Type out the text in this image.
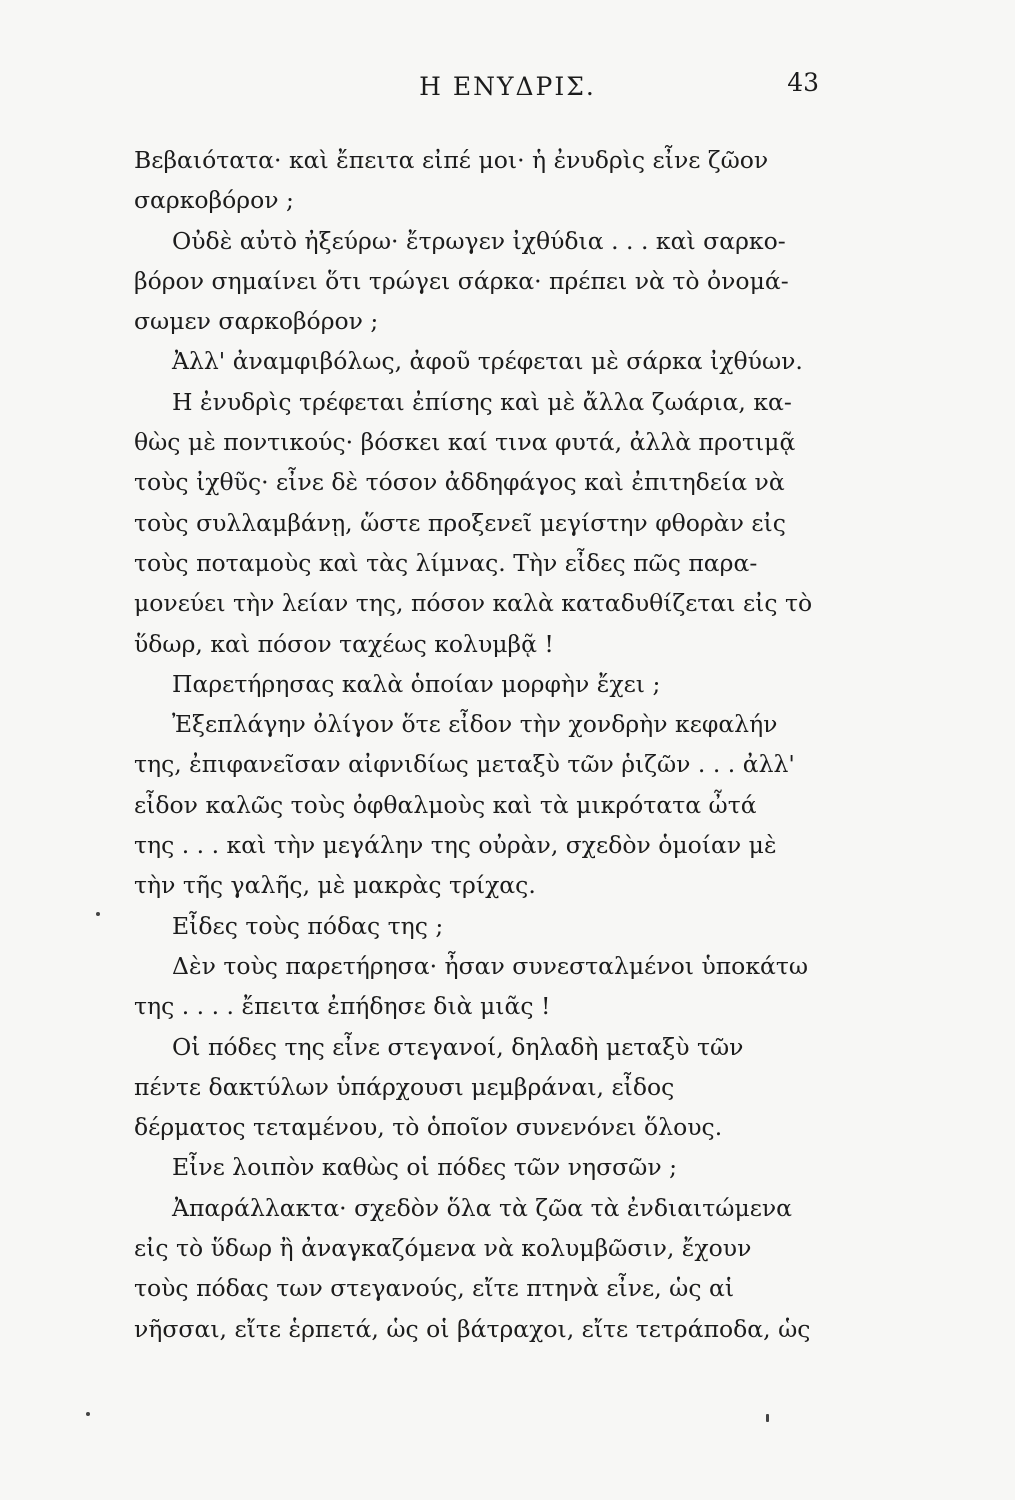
Η ΕΝΥΔΡΙΣ.	43
Βεβαιότατα· καὶ ἔπειτα εἰπέ μοι· ἡ ἐνυδρὶς εἶνε ζῶον
σαρκοβόρον ;
Οὐδὲ αὐτὸ ἠξεύρω· ἔτρωγεν ἰχθύδια . . . καὶ σαρκο-
βόρον σημαίνει ὅτι τρώγει σάρκα· πρέπει νὰ τὸ ὀνομά-
σωμεν σαρκοβόρον ;
Ἀλλ' ἀναμφιβόλως, ἀφοῦ τρέφεται μὲ σάρκα ἰχθύων.
Η ἐνυδρὶς τρέφεται ἐπίσης καὶ μὲ ἄλλα ζωάρια, κα-
θὼς μὲ ποντικούς· βόσκει καί τινα φυτά, ἀλλὰ προτιμᾷ
τοὺς ἰχθῦς· εἶνε δὲ τόσον ἀδδηφάγος καὶ ἐπιτηδεία νὰ
τοὺς συλλαμβάνῃ, ὥστε προξενεῖ μεγίστην φθορὰν εἰς
τοὺς ποταμοὺς καὶ τὰς λίμνας. Τὴν εἶδες πῶς παρα-
μονεύει τὴν λείαν της, πόσον καλὰ καταδυθίζεται εἰς τὸ
ὕδωρ, καὶ πόσον ταχέως κολυμβᾷ !
Παρετήρησας καλὰ ὁποίαν μορφὴν ἔχει ;
Ἐξεπλάγην ὀλίγον ὅτε εἶδον τὴν χονδρὴν κεφαλήν
της, ἐπιφανεῖσαν αἰφνιδίως μεταξὺ τῶν ῥιζῶν . . . ἀλλ'
εἶδον καλῶς τοὺς ὀφθαλμοὺς καὶ τὰ μικρότατα ὦτά
της . . . καὶ τὴν μεγάλην της οὐρὰν, σχεδὸν ὁμοίαν μὲ
τὴν τῆς γαλῆς, μὲ μακρὰς τρίχας.
Εἶδες τοὺς πόδας της ;
Δὲν τοὺς παρετήρησα· ἦσαν συνεσταλμένοι ὑποκάτω
της . . . . ἔπειτα ἐπήδησε διὰ μιᾶς !
Οἱ πόδες της εἶνε στεγανοί, δηλαδὴ μεταξὺ τῶν
πέντε δακτύλων ὑπάρχουσι μεμβράναι, εἶδος
δέρματος τεταμένου, τὸ ὁποῖον συνενόνει ὅλους.
Εἶνε λοιπὸν καθὼς οἱ πόδες τῶν νησσῶν ;
Ἀπαράλλακτα· σχεδὸν ὅλα τὰ ζῶα τὰ ἐνδιαιτώμενα
εἰς τὸ ὕδωρ ἢ ἀναγκαζόμενα νὰ κολυμβῶσιν, ἔχουν
τοὺς πόδας των στεγανούς, εἴτε πτηνὰ εἶνε, ὡς αἱ
νῆσσαι, εἴτε ἑρπετά, ὡς οἱ βάτραχοι, εἴτε τετράποδα, ὡς
